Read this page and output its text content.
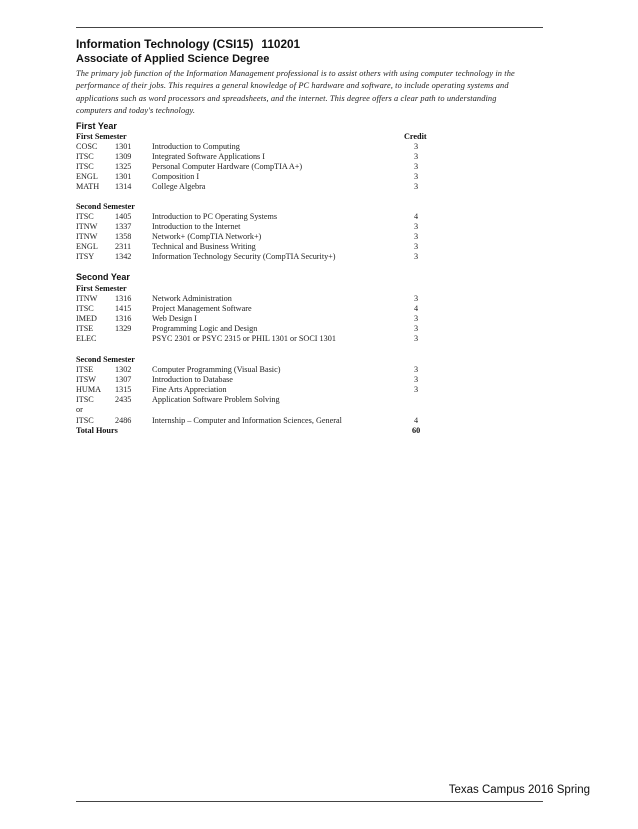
Information Technology (CSI15) 110201
Associate of Applied Science Degree
The primary job function of the Information Management professional is to assist others with using computer technology in the performance of their jobs. This requires a general knowledge of PC hardware and software, to include operating systems and applications such as word processors and spreadsheets, and the internet. This degree offers a clear path to understanding computers and today's technology.
First Year
First Semester	Credit
COSC 1301	Introduction to Computing	3
ITSC	1309	Integrated Software Applications I	3
ITSC	1325	Personal Computer Hardware (CompTIA A+)	3
ENGL 1301	Composition I	3
MATH 1314	College Algebra	3
Second Semester
ITSC	1405	Introduction to PC Operating Systems	4
ITNW 1337	Introduction to the Internet	3
ITNW 1358	Network+ (CompTIA Network+)	3
ENGL 2311	Technical and Business Writing	3
ITSY	1342	Information Technology Security (CompTIA Security+)	3
Second Year
First Semester
ITNW 1316	Network Administration	3
ITSC	1415	Project Management Software	4
IMED 1316	Web Design I	3
ITSE	1329	Programming Logic and Design	3
ELEC	PSYC 2301 or PSYC 2315 or PHIL 1301 or SOCI 1301	3
Second Semester
ITSE	1302	Computer Programming (Visual Basic)	3
ITSW 1307	Introduction to Database	3
HUMA 1315	Fine Arts Appreciation	3
ITSC	2435	Application Software Problem Solving
or
ITSC	2486	Internship – Computer and Information Sciences, General	4
Total Hours	60
Texas Campus 2016 Spring
